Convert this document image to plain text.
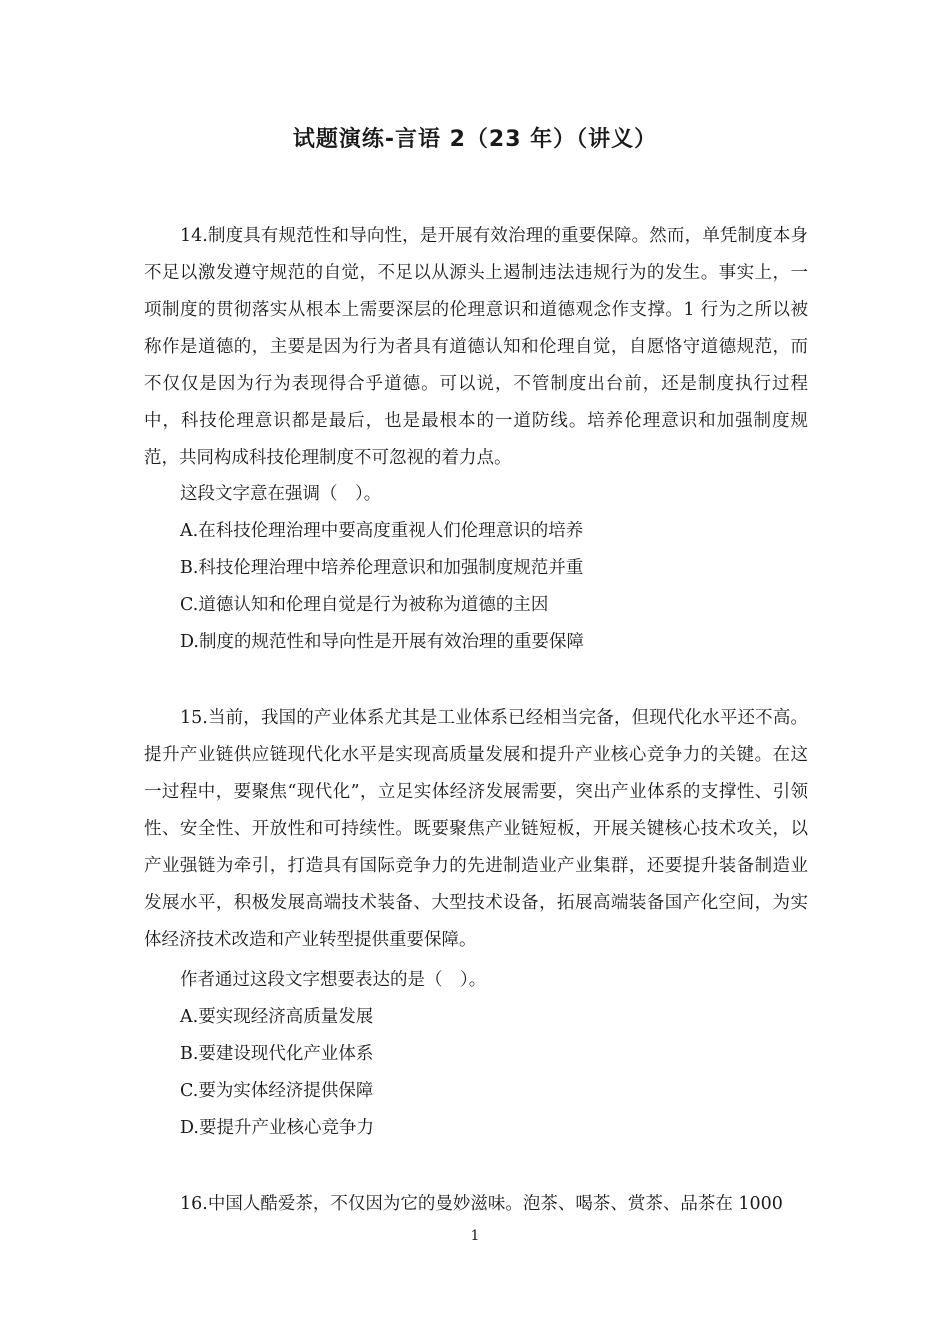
试题演练-言语 2（23 年）（讲义）

14.制度具有规范性和导向性，是开展有效治理的重要保障。然而，单凭制度本身不足以激发遵守规范的自觉，不足以从源头上遏制违法违规行为的发生。事实上，一项制度的贯彻落实从根本上需要深层的伦理意识和道德观念作支撑。1 行为之所以被称作是道德的，主要是因为行为者具有道德认知和伦理自觉，自愿恪守道德规范，而不仅仅是因为行为表现得合乎道德。可以说，不管制度出台前，还是制度执行过程中，科技伦理意识都是最后，也是最根本的一道防线。培养伦理意识和加强制度规范，共同构成科技伦理制度不可忽视的着力点。

这段文字意在强调（　）。

A.在科技伦理治理中要高度重视人们伦理意识的培养

B.科技伦理治理中培养伦理意识和加强制度规范并重

C.道德认知和伦理自觉是行为被称为道德的主因

D.制度的规范性和导向性是开展有效治理的重要保障

15.当前，我国的产业体系尤其是工业体系已经相当完备，但现代化水平还不高。提升产业链供应链现代化水平是实现高质量发展和提升产业核心竞争力的关键。在这一过程中，要聚焦“现代化”，立足实体经济发展需要，突出产业体系的支撑性、引领性、安全性、开放性和可持续性。既要聚焦产业链短板，开展关键核心技术攻关，以产业强链为牵引，打造具有国际竞争力的先进制造业产业集群，还要提升装备制造业发展水平，积极发展高端技术装备、大型技术设备，拓展高端装备国产化空间，为实体经济技术改造和产业转型提供重要保障。

作者通过这段文字想要表达的是（　）。

A.要实现经济高质量发展

B.要建设现代化产业体系

C.要为实体经济提供保障

D.要提升产业核心竞争力

16.中国人酷爱茶，不仅因为它的曼妙滋味。泡茶、喝茶、赏茶、品茶在 1000

1
